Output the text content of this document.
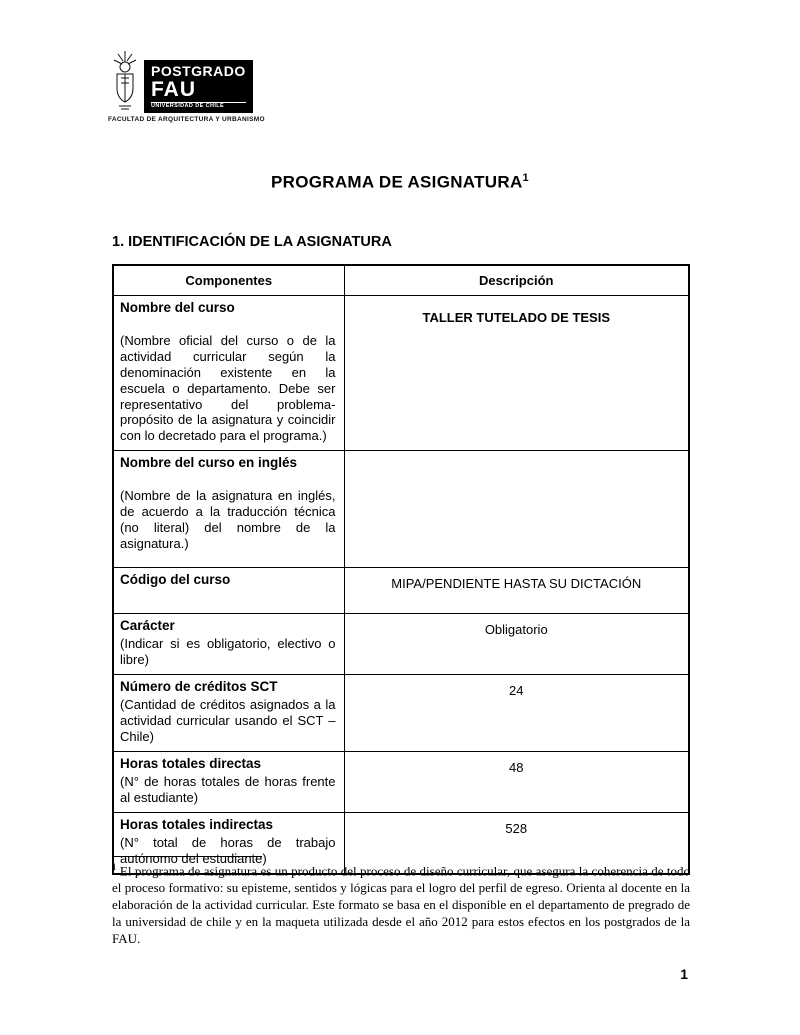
POSTGRADO
FAU
UNIVERSIDAD DE CHILE
FACULTAD DE ARQUITECTURA Y URBANISMO
PROGRAMA DE ASIGNATURA$^1$
1. IDENTIFICACIÓN DE LA ASIGNATURA
Componentes	Descripción

Nombre del curso
(Nombre oficial del curso o de la actividad curricular según la denominación existente en la escuela o departamento. Debe ser representativo del problema-propósito de la asignatura y coincidir con lo decretado para el programa.)	TALLER TUTELADO DE TESIS

Nombre del curso en inglés
(Nombre de la asignatura en inglés, de acuerdo a la traducción técnica (no literal) del nombre de la asignatura.)	

Código del curso	MIPA/PENDIENTE HASTA SU DICTACIÓN

Carácter
(Indicar si es obligatorio, electivo o libre)	Obligatorio

Número de créditos SCT
(Cantidad de créditos asignados a la actividad curricular usando el SCT – Chile)	24

Horas totales directas
(N° de horas totales de horas frente al estudiante)	48

Horas totales indirectas
(N° total de horas de trabajo autónomo del estudiante)	528
$^1$ El programa de asignatura es un producto del proceso de diseño curricular, que asegura la coherencia de todo el proceso formativo: su episteme, sentidos y lógicas para el logro del perfil de egreso. Orienta al docente en la elaboración de la actividad curricular. Este formato se basa en el disponible en el departamento de pregrado de la universidad de chile y en la maqueta utilizada desde el año 2012 para estos efectos en los postgrados de la FAU.
1
